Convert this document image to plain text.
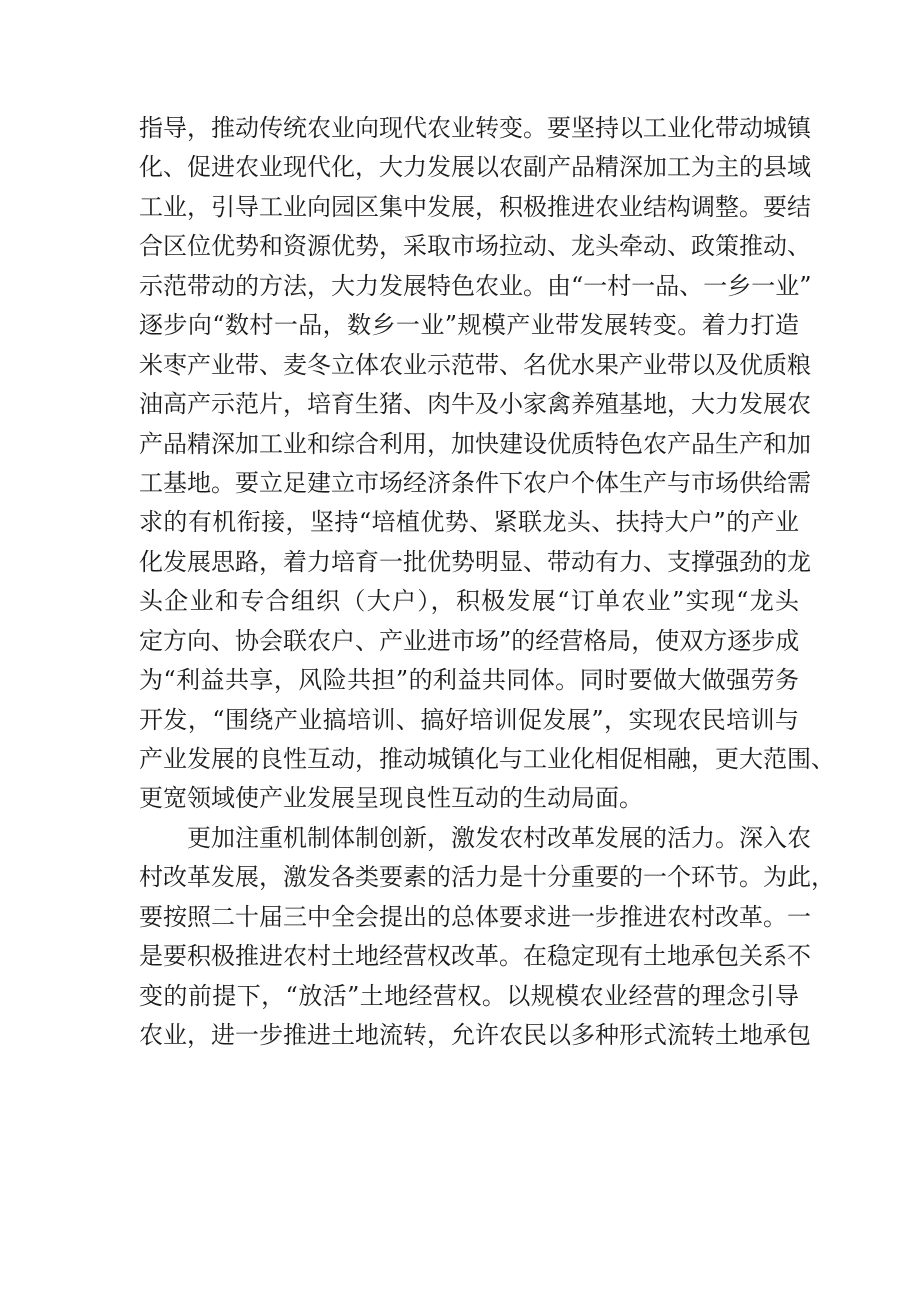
指导，推动传统农业向现代农业转变。要坚持以工业化带动城镇
化、促进农业现代化，大力发展以农副产品精深加工为主的县域
工业，引导工业向园区集中发展，积极推进农业结构调整。要结
合区位优势和资源优势，采取市场拉动、龙头牵动、政策推动、
示范带动的方法，大力发展特色农业。由“一村一品、一乡一业”
逐步向“数村一品，数乡一业”规模产业带发展转变。着力打造
米枣产业带、麦冬立体农业示范带、名优水果产业带以及优质粮
油高产示范片，培育生猪、肉牛及小家禽养殖基地，大力发展农
产品精深加工业和综合利用，加快建设优质特色农产品生产和加
工基地。要立足建立市场经济条件下农户个体生产与市场供给需
求的有机衔接，坚持“培植优势、紧联龙头、扶持大户”的产业
化发展思路，着力培育一批优势明显、带动有力、支撑强劲的龙
头企业和专合组织（大户），积极发展“订单农业”实现“龙头
定方向、协会联农户、产业进市场”的经营格局，使双方逐步成
为“利益共享，风险共担”的利益共同体。同时要做大做强劳务
开发，“围绕产业搞培训、搞好培训促发展”，实现农民培训与
产业发展的良性互动，推动城镇化与工业化相促相融，更大范围、
更宽领域使产业发展呈现良性互动的生动局面。
更加注重机制体制创新，激发农村改革发展的活力。深入农
村改革发展，激发各类要素的活力是十分重要的一个环节。为此，
要按照二十届三中全会提出的总体要求进一步推进农村改革。一
是要积极推进农村土地经营权改革。在稳定现有土地承包关系不
变的前提下，“放活”土地经营权。以规模农业经营的理念引导
农业，进一步推进土地流转，允许农民以多种形式流转土地承包
